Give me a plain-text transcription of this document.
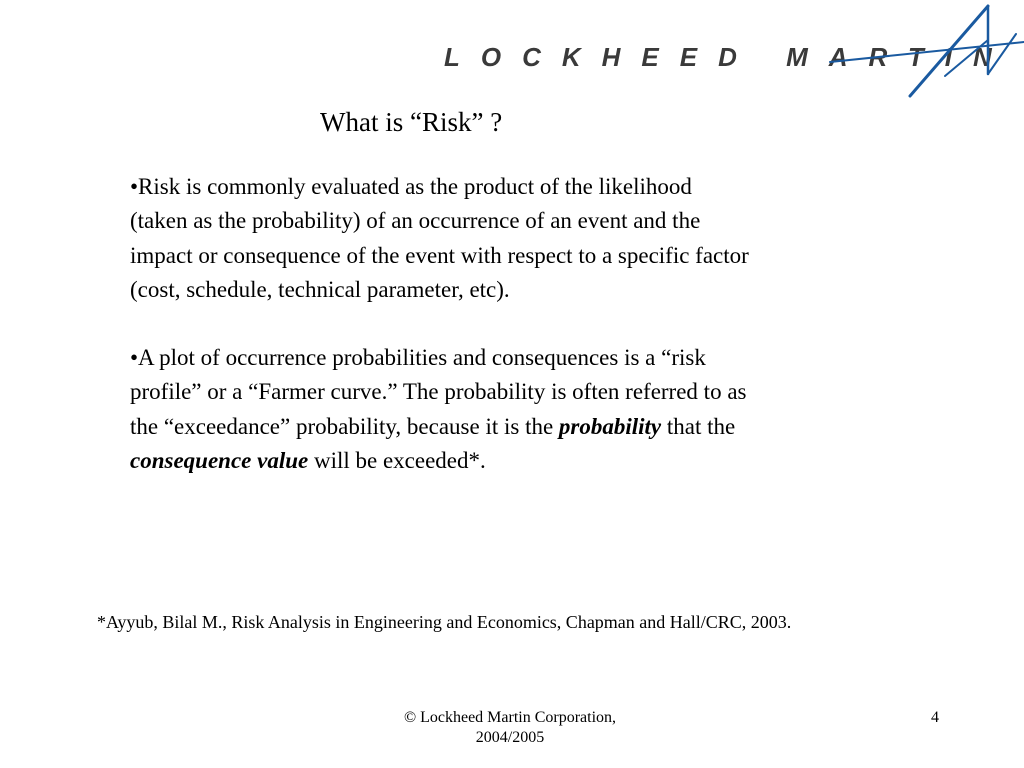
LOCKHEED MARTIN
What is “Risk” ?

•Risk is commonly evaluated as the product of the likelihood
(taken as the probability) of an occurrence of an event and the
impact or consequence of the event with respect to a specific factor
(cost, schedule, technical parameter, etc).

•A plot of occurrence probabilities and consequences is a “risk
profile” or a “Farmer curve.” The probability is often referred to as
the “exceedance” probability, because it is the probability that the
consequence value will be exceeded*.

*Ayyub, Bilal M., Risk Analysis in Engineering and Economics, Chapman and Hall/CRC, 2003.
© Lockheed Martin Corporation,
2004/2005
4
